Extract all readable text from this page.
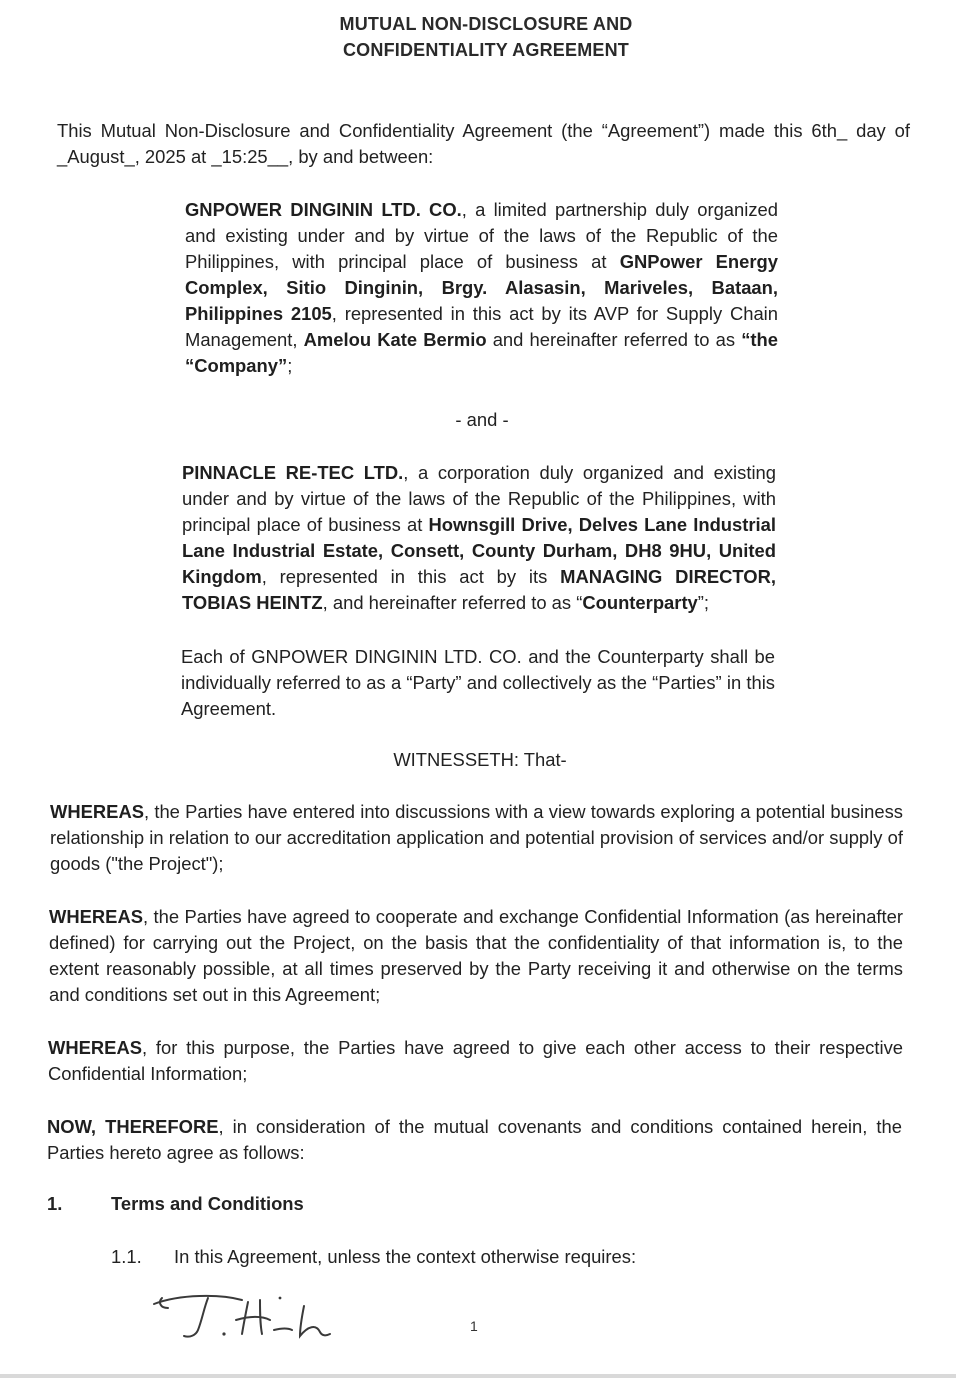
MUTUAL NON-DISCLOSURE AND
CONFIDENTIALITY AGREEMENT

This Mutual Non-Disclosure and Confidentiality Agreement (the “Agreement”) made this 6th_ day of _August_, 2025 at _15:25__, by and between:

GNPOWER DINGININ LTD. CO., a limited partnership duly organized and existing under and by virtue of the laws of the Republic of the Philippines, with principal place of business at GNPower Energy Complex, Sitio Dinginin, Brgy. Alasasin, Mariveles, Bataan, Philippines 2105, represented in this act by its AVP for Supply Chain Management, Amelou Kate Bermio and hereinafter referred to as “the “Company”;

- and -

PINNACLE RE-TEC LTD., a corporation duly organized and existing under and by virtue of the laws of the Republic of the Philippines, with principal place of business at Hownsgill Drive, Delves Lane Industrial Lane Industrial Estate, Consett, County Durham, DH8 9HU, United Kingdom, represented in this act by its MANAGING DIRECTOR, TOBIAS HEINTZ, and hereinafter referred to as “Counterparty”;

Each of GNPOWER DINGININ LTD. CO. and the Counterparty shall be individually referred to as a “Party” and collectively as the “Parties” in this Agreement.

WITNESSETH: That-

WHEREAS, the Parties have entered into discussions with a view towards exploring a potential business relationship in relation to our accreditation application and potential provision of services and/or supply of goods ("the Project");

WHEREAS, the Parties have agreed to cooperate and exchange Confidential Information (as hereinafter defined) for carrying out the Project, on the basis that the confidentiality of that information is, to the extent reasonably possible, at all times preserved by the Party receiving it and otherwise on the terms and conditions set out in this Agreement;

WHEREAS, for this purpose, the Parties have agreed to give each other access to their respective Confidential Information;

NOW, THEREFORE, in consideration of the mutual covenants and conditions contained herein, the Parties hereto agree as follows:

1.	Terms and Conditions
1.1. In this Agreement, unless the context otherwise requires:
1
